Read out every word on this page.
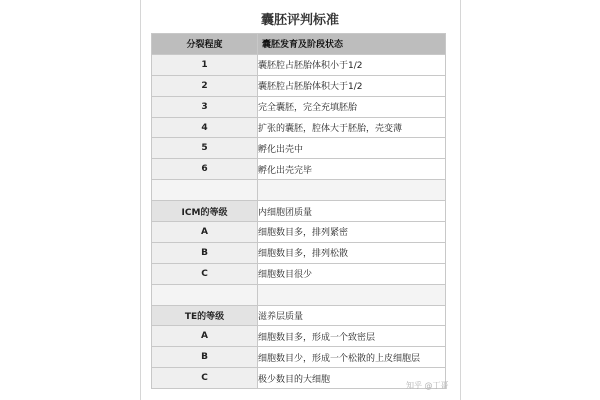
囊胚评判标准
分裂程度	囊胚发育及阶段状态
1	囊胚腔占胚胎体积小于1/2
2	囊胚腔占胚胎体积大于1/2
3	完全囊胚，完全充填胚胎
4	扩张的囊胚，腔体大于胚胎，壳变薄
5	孵化出壳中
6	孵化出壳完毕

ICM的等级	内细胞团质量
A	细胞数目多，排列紧密
B	细胞数目多，排列松散
C	细胞数目很少

TE的等级	滋养层质量
A	细胞数目多，形成一个致密层
B	细胞数目少，形成一个松散的上皮细胞层
C	极少数目的大细胞
知乎 @丁哥
